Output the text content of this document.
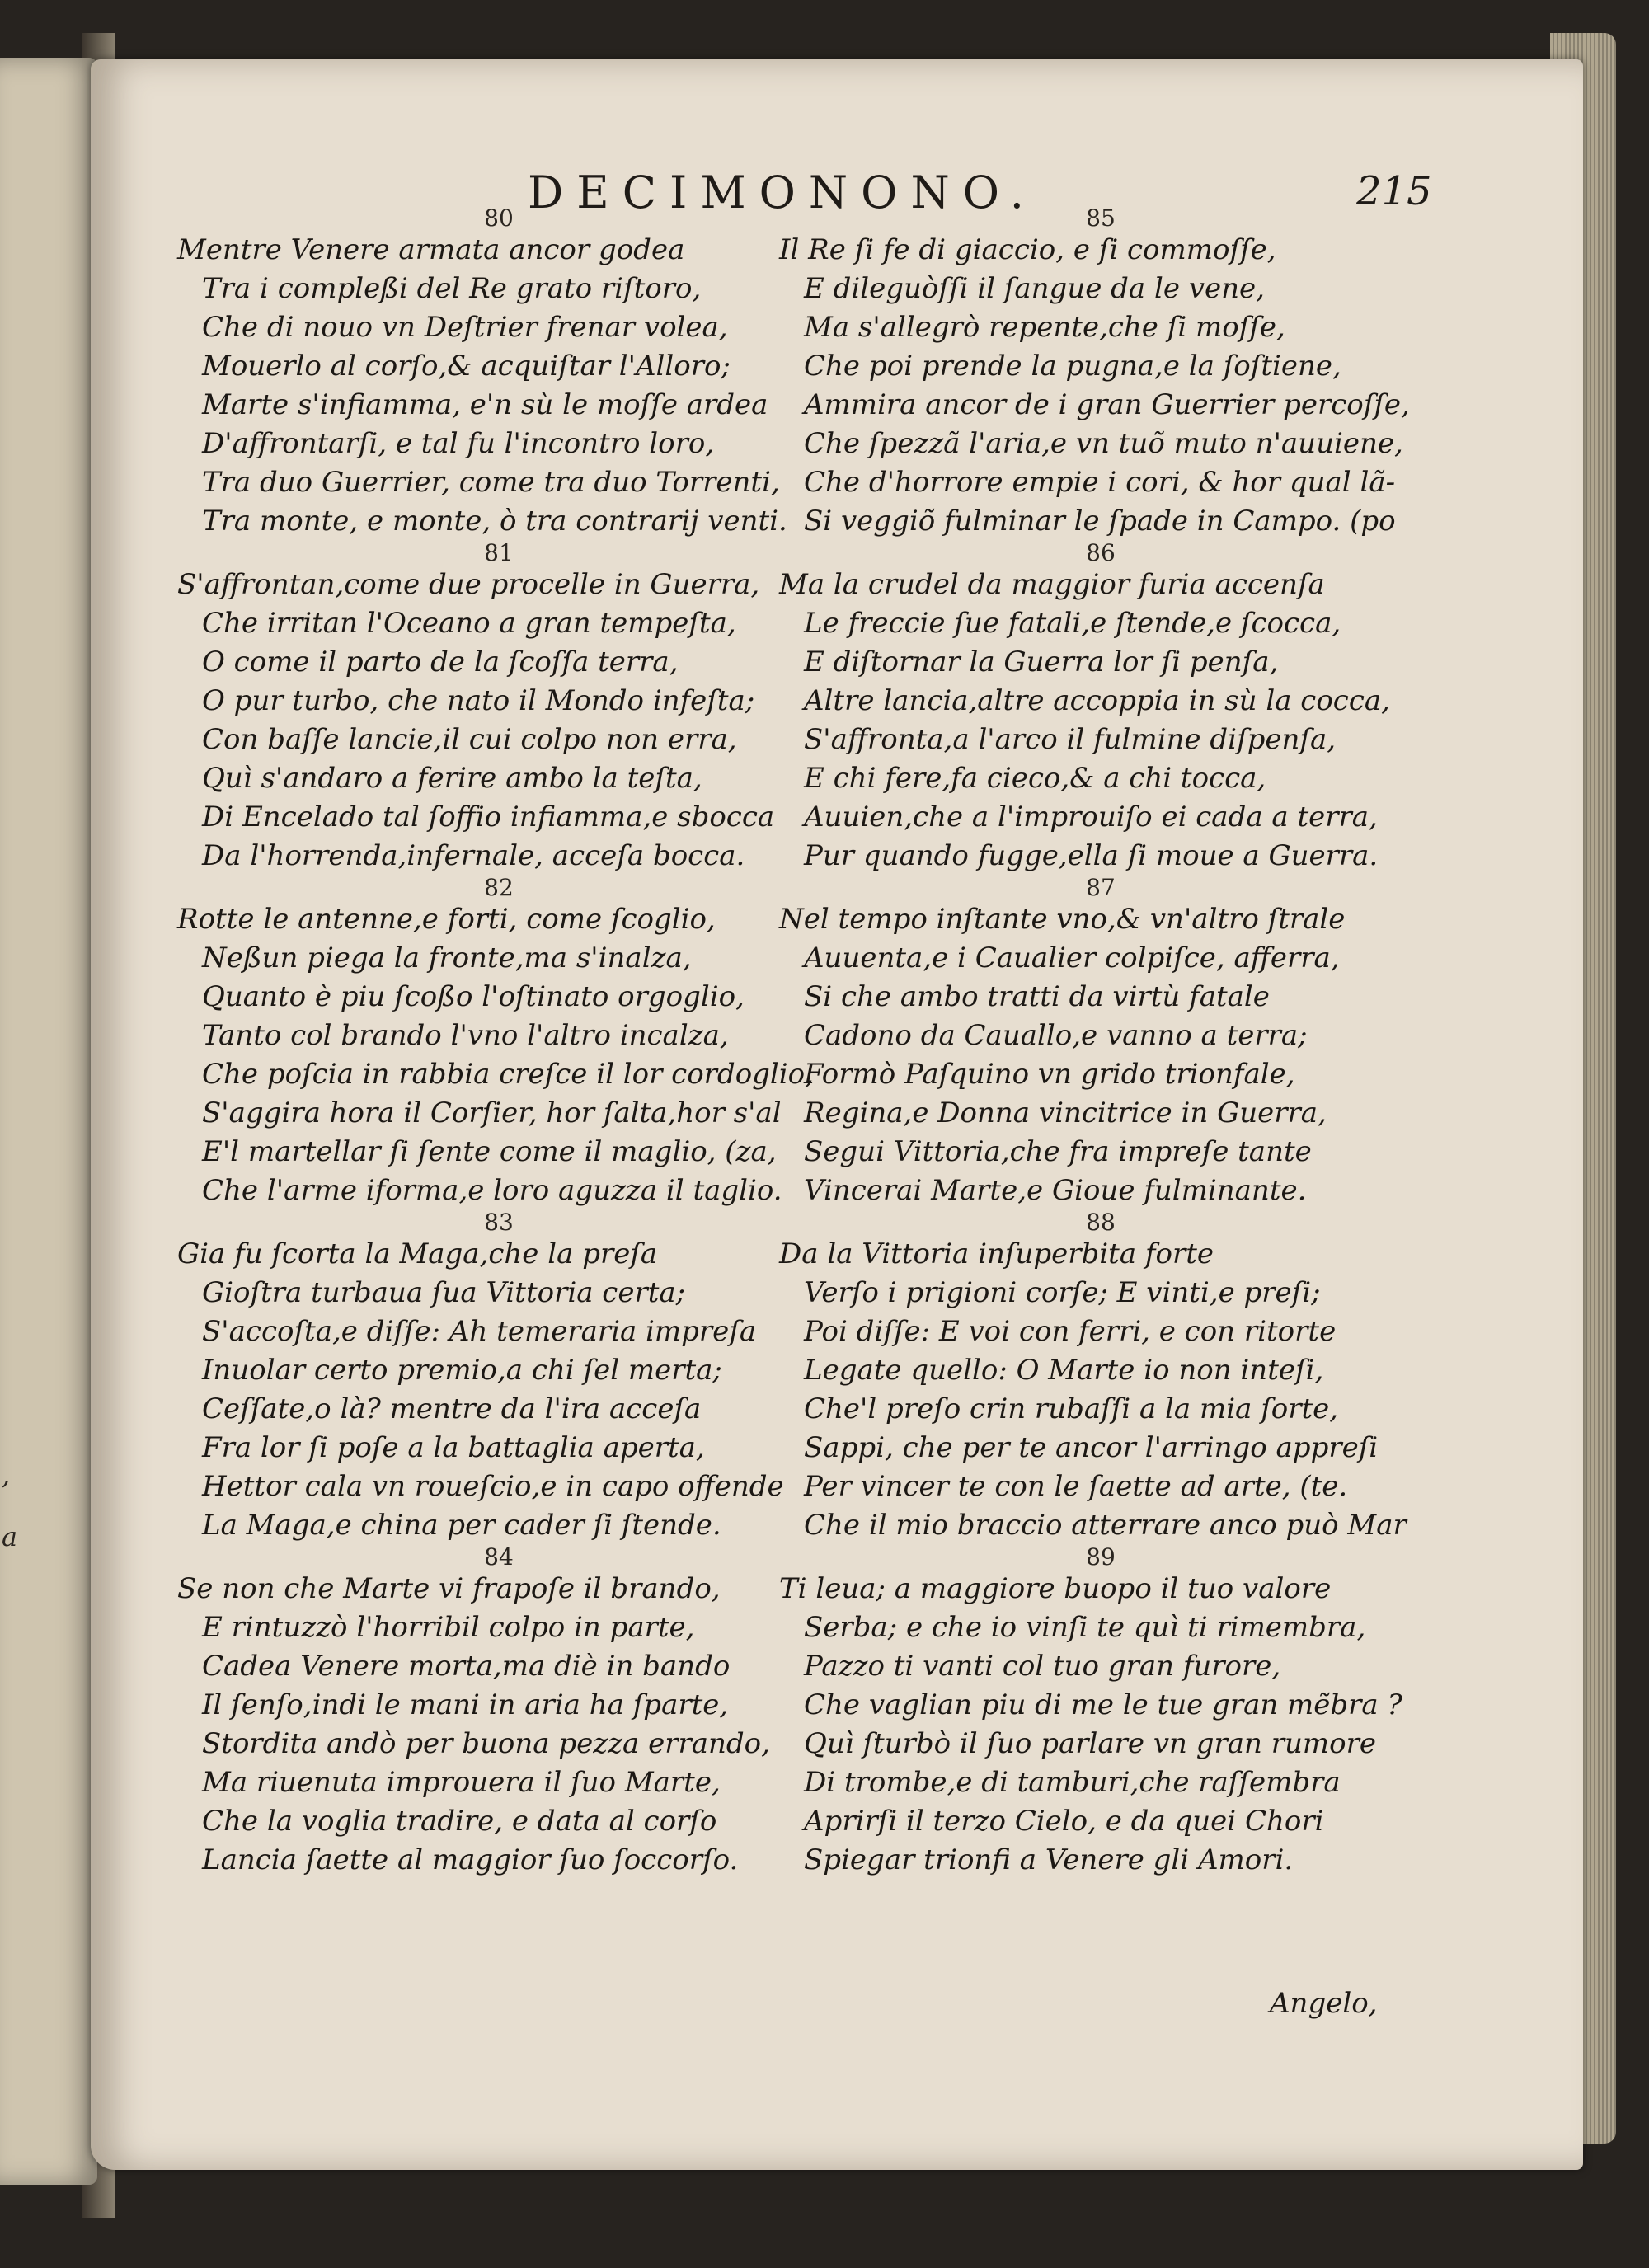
,
a
DECIMONONO.	215
80
Mentre Venere armata ancor godea
Tra i compleßi del Re grato riſtoro,
Che di nouo vn Deſtrier frenar volea,
Mouerlo al corſo,& acquiſtar l'Alloro;
Marte s'infiamma, e'n sù le moſſe ardea
D'affrontarſi, e tal fu l'incontro loro,
Tra duo Guerrier, come tra duo Torrenti,
Tra monte, e monte, ò tra contrarij venti.
81
S'affrontan,come due procelle in Guerra,
Che irritan l'Oceano a gran tempeſta,
O come il parto de la ſcoſſa terra,
O pur turbo, che nato il Mondo infeſta;
Con baſſe lancie,il cui colpo non erra,
Quì s'andaro a ferire ambo la teſta,
Di Encelado tal ſoffio infiamma,e sbocca
Da l'horrenda,infernale, acceſa bocca.
82
Rotte le antenne,e forti, come ſcoglio,
Neßun piega la fronte,ma s'inalza,
Quanto è piu ſcoßo l'oſtinato orgoglio,
Tanto col brando l'vno l'altro incalza,
Che poſcia in rabbia creſce il lor cordoglio,
S'aggira hora il Corſier, hor ſalta,hor s'al
E'l martellar ſi ſente come il maglio, (za,
Che l'arme iforma,e loro aguzza il taglio.
83
Gia fu ſcorta la Maga,che la preſa
Gioſtra turbaua ſua Vittoria certa;
S'accoſta,e diſſe: Ah temeraria impreſa
Inuolar certo premio,a chi ſel merta;
Ceſſate,o là? mentre da l'ira acceſa
Fra lor ſi poſe a la battaglia aperta,
Hettor cala vn roueſcio,e in capo offende
La Maga,e china per cader ſi ſtende.
84
Se non che Marte vi frapoſe il brando,
E rintuzzò l'horribil colpo in parte,
Cadea Venere morta,ma diè in bando
Il ſenſo,indi le mani in aria ha ſparte,
Stordita andò per buona pezza errando,
Ma riuenuta improuera il ſuo Marte,
Che la voglia tradire, e data al corſo
Lancia ſaette al maggior ſuo ſoccorſo.
85
Il Re ſi fe di giaccio, e ſi commoſſe,
E dileguòſſi il ſangue da le vene,
Ma s'allegrò repente,che ſi moſſe,
Che poi prende la pugna,e la ſoſtiene,
Ammira ancor de i gran Guerrier percoſſe,
Che ſpezzã l'aria,e vn tuõ muto n'auuiene,
Che d'horrore empie i cori, & hor qual lã-
Si veggiõ fulminar le ſpade in Campo. (po
86
Ma la crudel da maggior furia accenſa
Le freccie ſue fatali,e ſtende,e ſcocca,
E diſtornar la Guerra lor ſi penſa,
Altre lancia,altre accoppia in sù la cocca,
S'affronta,a l'arco il fulmine diſpenſa,
E chi fere,fa cieco,& a chi tocca,
Auuien,che a l'improuiſo ei cada a terra,
Pur quando fugge,ella ſi moue a Guerra.
87
Nel tempo inſtante vno,& vn'altro ſtrale
Auuenta,e i Caualier colpiſce, afferra,
Si che ambo tratti da virtù fatale
Cadono da Cauallo,e vanno a terra;
Formò Paſquino vn grido trionfale,
Regina,e Donna vincitrice in Guerra,
Segui Vittoria,che fra impreſe tante
Vincerai Marte,e Gioue fulminante.
88
Da la Vittoria inſuperbita forte
Verſo i prigioni corſe; E vinti,e preſi;
Poi diſſe: E voi con ferri, e con ritorte
Legate quello: O Marte io non inteſi,
Che'l preſo crin rubaſſi a la mia ſorte,
Sappi, che per te ancor l'arringo appreſi
Per vincer te con le ſaette ad arte, (te.
Che il mio braccio atterrare anco può Mar
89
Ti leua; a maggiore buopo il tuo valore
Serba; e che io vinſi te quì ti rimembra,
Pazzo ti vanti col tuo gran furore,
Che vaglian piu di me le tue gran mẽbra ?
Quì ſturbò il ſuo parlare vn gran rumore
Di trombe,e di tamburi,che raſſembra
Aprirſi il terzo Cielo, e da quei Chori
Spiegar trionfi a Venere gli Amori.
Angelo,
